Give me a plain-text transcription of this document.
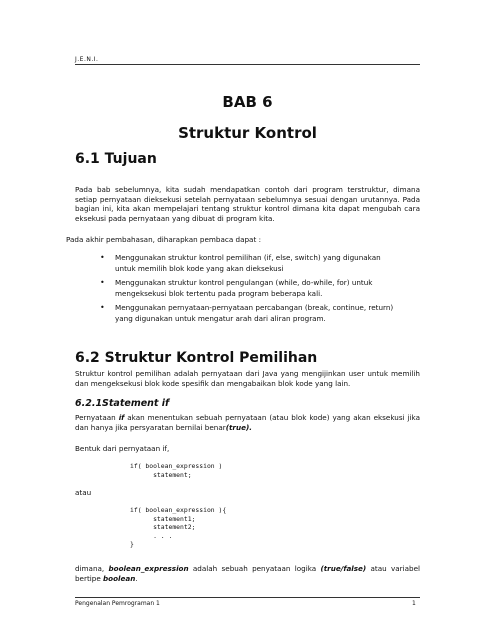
J.E.N.I.
BAB 6
Struktur Kontrol
6.1 Tujuan
Pada bab sebelumnya, kita sudah mendapatkan contoh dari program terstruktur, dimana setiap pernyataan dieksekusi setelah pernyataan sebelumnya sesuai dengan urutannya. Pada bagian ini, kita akan mempelajari tentang struktur kontrol dimana kita dapat mengubah cara eksekusi pada pernyataan yang dibuat di program kita.
Pada akhir pembahasan, diharapkan pembaca dapat :
• Menggunakan struktur kontrol pemilihan (if, else, switch) yang digunakan untuk memilih blok kode yang akan dieksekusi
• Menggunakan struktur kontrol pengulangan (while, do-while, for) untuk mengeksekusi blok tertentu pada program beberapa kali.
• Menggunakan pernyataan-pernyataan percabangan (break, continue, return) yang digunakan untuk mengatur arah dari aliran program.
6.2 Struktur Kontrol Pemilihan
Struktur kontrol pemilihan adalah pernyataan dari Java yang mengijinkan user untuk memilih dan mengeksekusi blok kode spesifik dan mengabaikan blok kode yang lain.
6.2.1Statement if
Pernyataan if akan menentukan sebuah pernyataan (atau blok kode) yang akan eksekusi jika dan hanya jika persyaratan bernilai benar(true).
Bentuk dari pernyataan if,
if( boolean_expression )
statement;
atau
if( boolean_expression ){
statement1;
statement2;
. . .
}
dimana, boolean_expression adalah sebuah penyataan logika (true/false) atau variabel bertipe boolean.
Pengenalan Pemrograman 1	1
